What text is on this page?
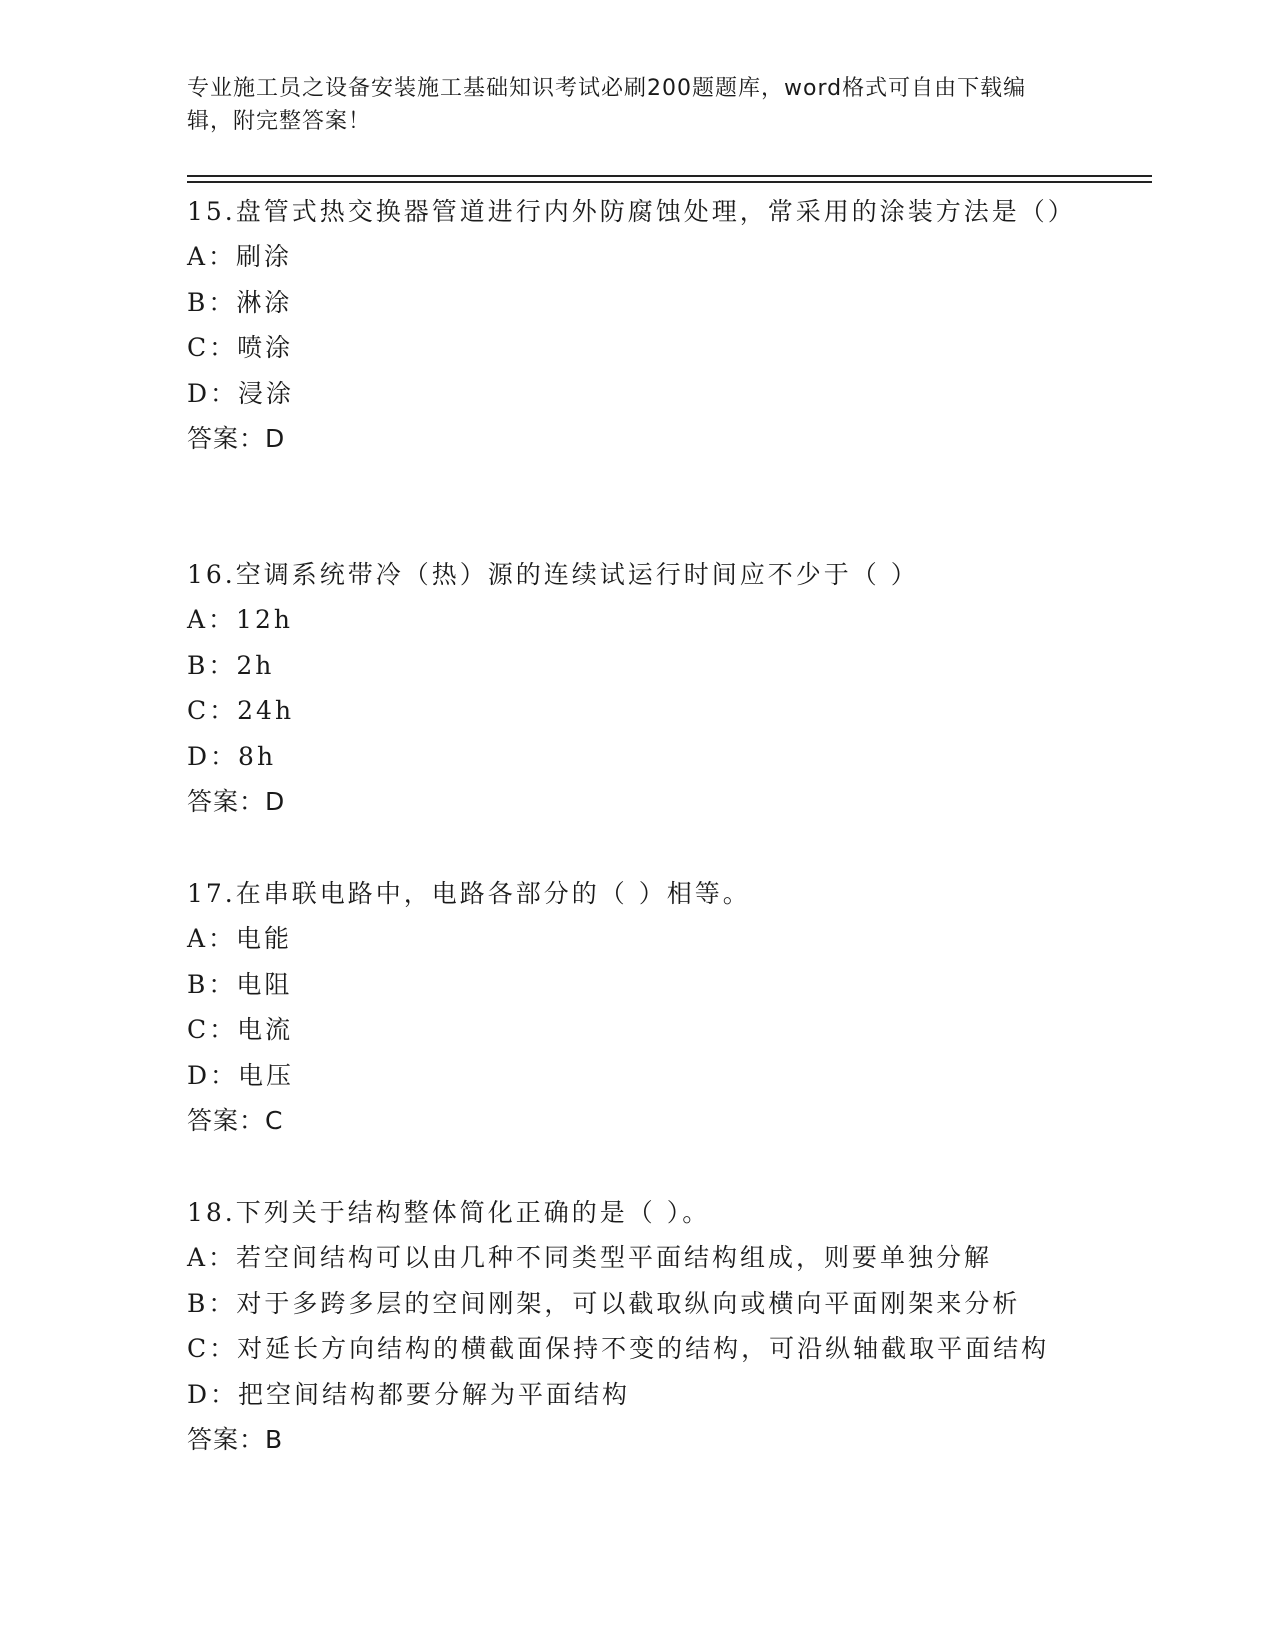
专业施工员之设备安装施工基础知识考试必刷200题题库，word格式可自由下载编辑，附完整答案！

15.盘管式热交换器管道进行内外防腐蚀处理，常采用的涂装方法是（）

A：刷涂
B：淋涂
C：喷涂
D：浸涂

答案：D

16.空调系统带冷（热）源的连续试运行时间应不少于（ ）

A：12h
B：2h
C：24h
D：8h

答案：D

17.在串联电路中，电路各部分的（ ）相等。

A：电能
B：电阻
C：电流
D：电压

答案：C

18.下列关于结构整体简化正确的是（ ）。

A：若空间结构可以由几种不同类型平面结构组成，则要单独分解
B：对于多跨多层的空间刚架，可以截取纵向或横向平面刚架来分析
C：对延长方向结构的横截面保持不变的结构，可沿纵轴截取平面结构
D：把空间结构都要分解为平面结构

答案：B
